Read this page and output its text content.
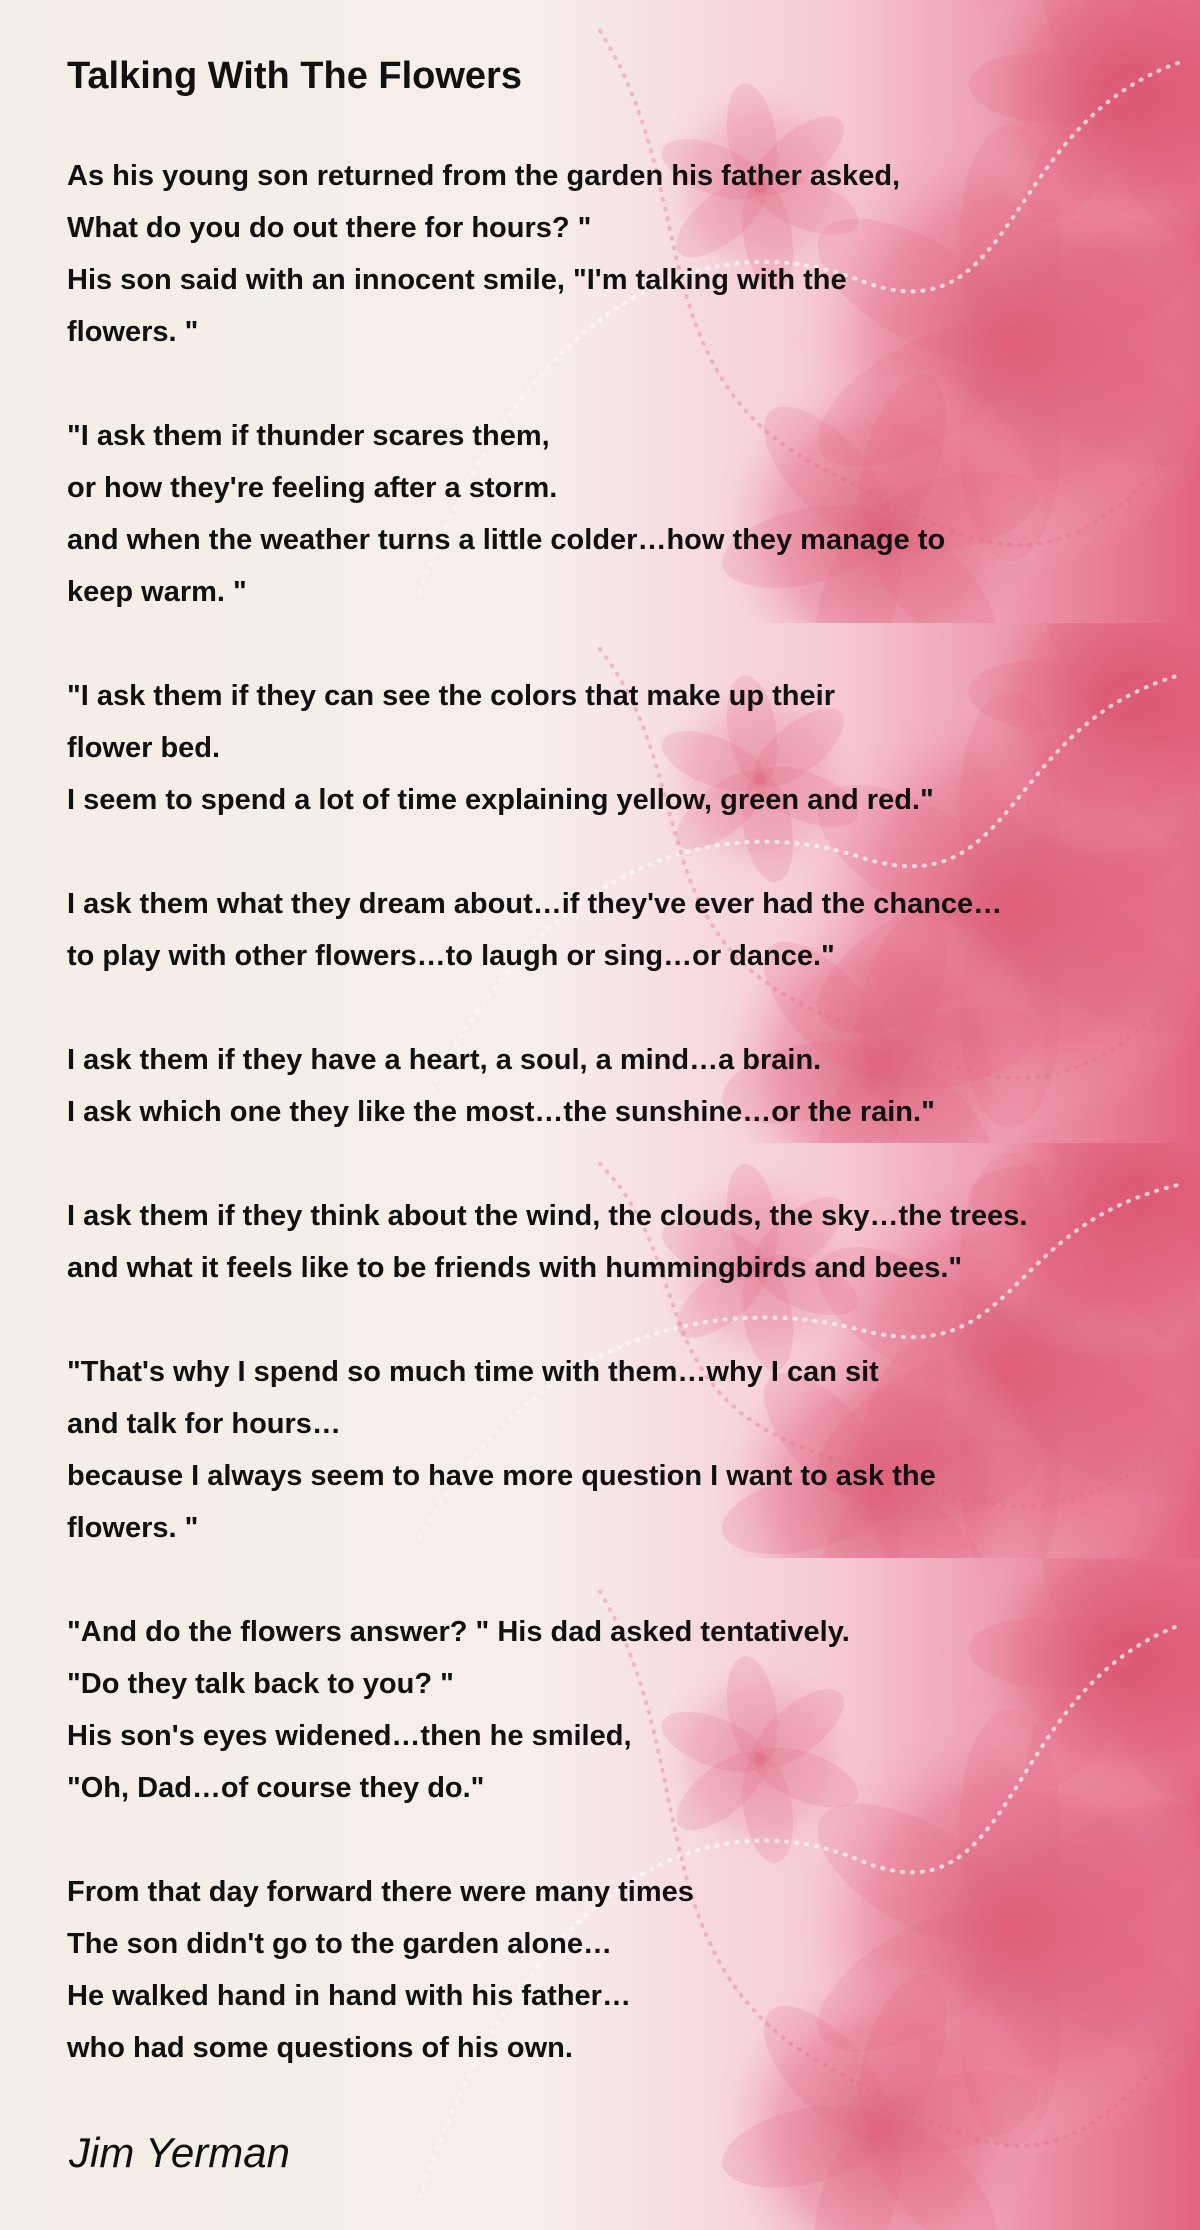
Talking With The Flowers
As his young son returned from the garden his father asked,
What do you do out there for hours? "
His son said with an innocent smile, "I'm talking with the
flowers. "
"I ask them if thunder scares them,
or how they're feeling after a storm.
and when the weather turns a little colder…how they manage to
keep warm. "
"I ask them if they can see the colors that make up their
flower bed.
I seem to spend a lot of time explaining yellow, green and red."
I ask them what they dream about…if they've ever had the chance…
to play with other flowers…to laugh or sing…or dance."
I ask them if they have a heart, a soul, a mind…a brain.
I ask which one they like the most…the sunshine…or the rain."
I ask them if they think about the wind, the clouds, the sky…the trees.
and what it feels like to be friends with hummingbirds and bees."
"That's why I spend so much time with them…why I can sit
and talk for hours…
because I always seem to have more question I want to ask the
flowers. "
"And do the flowers answer? " His dad asked tentatively.
"Do they talk back to you? "
His son's eyes widened…then he smiled,
"Oh, Dad…of course they do."
From that day forward there were many times
The son didn't go to the garden alone…
He walked hand in hand with his father…
who had some questions of his own.
Jim Yerman
